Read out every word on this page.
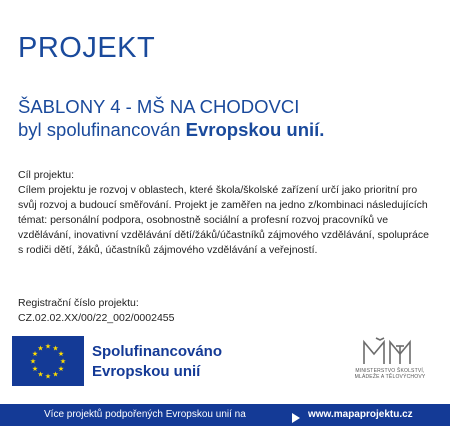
PROJEKT
ŠABLONY 4 - MŠ NA CHODOVCI
byl spolufinancován Evropskou unií.
Cíl projektu:
Cílem projektu je rozvoj v oblastech, které škola/školské zařízení určí jako prioritní pro svůj rozvoj a budoucí směřování. Projekt je zaměřen na jedno z/kombinaci následujících témat: personální podpora, osobnostně sociální a profesní rozvoj pracovníků ve vzdělávání, inovativní vzdělávání dětí/žáků/účastníků zájmového vzdělávání, spolupráce s rodiči dětí, žáků, účastníků zájmového vzdělávání a veřejností.
Registrační číslo projektu:
CZ.02.02.XX/00/22_002/0002455
★ ★
★
★
★
★
★
★
★
★
★
★	Spolufinancováno
Evropskou unií	MINISTERSTVO ŠKOLSTVÍ,
MLÁDEŽE A TĚLOVÝCHOVY
Více projektů podpořených Evropskou unií na	www.mapaprojektu.cz
